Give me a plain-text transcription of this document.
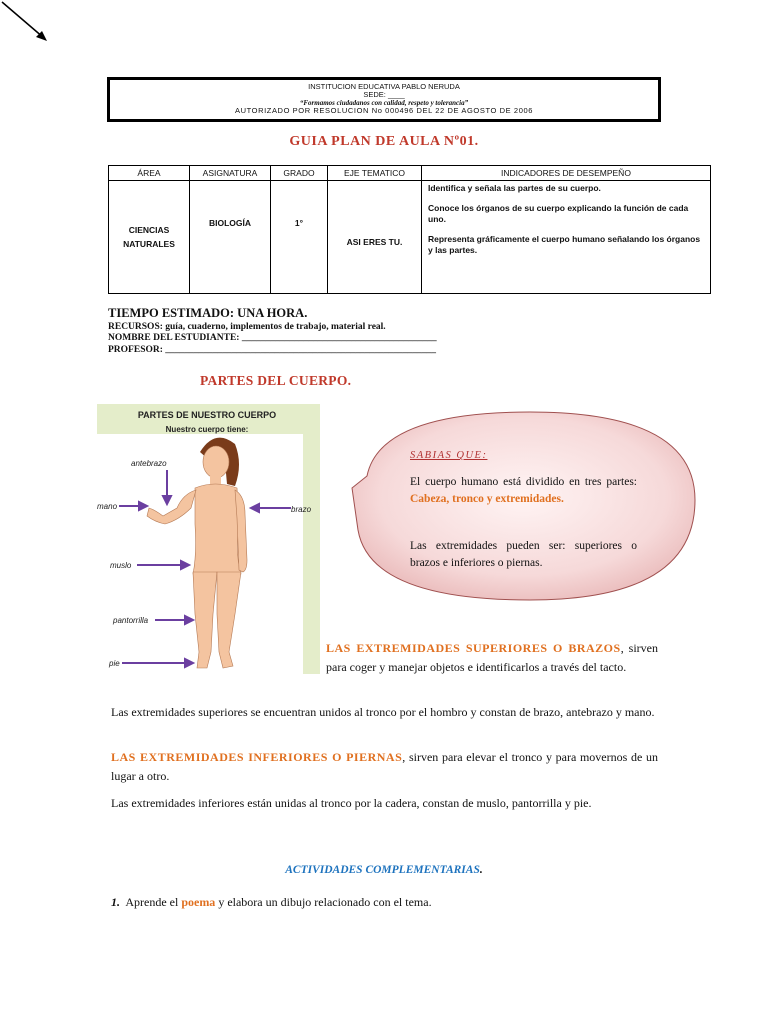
INSTITUCION EDUCATIVA PABLO NERUDA
SEDE: ____
“Formamos ciudadanos con calidad, respeto y tolerancia”
AUTORIZADO POR RESOLUCION No 000496 DEL 22 DE AGOSTO DE 2006
GUIA PLAN DE AULA Nº01.
ÁREA	ASIGNATURA	GRADO	EJE TEMATICO	INDICADORES DE DESEMPEÑO
CIENCIAS NATURALES	BIOLOGÍA	1°	ASI ERES TU.	Identifica y señala las partes de su cuerpo.

Conoce los órganos de su cuerpo explicando la función de cada uno.

Representa gráficamente el cuerpo humano señalando los órganos y las partes.

TIEMPO ESTIMADO: UNA HORA.
RECURSOS: guía, cuaderno, implementos de trabajo, material real.
NOMBRE DEL ESTUDIANTE: _________________________________________
PROFESOR: _________________________________________________________
PARTES DEL CUERPO.
PARTES DE NUESTRO CUERPO
Nuestro cuerpo tiene:
antebrazo
mano	brazo
muslo
pantorrilla
pie
SABIAS QUE:
El cuerpo humano está dividido en tres partes: Cabeza, tronco y extremidades.
Las extremidades pueden ser: superiores o brazos e inferiores o piernas.
LAS EXTREMIDADES SUPERIORES O BRAZOS, sirven para coger y manejar objetos e identificarlos a través del tacto.
Las extremidades superiores se encuentran unidos al tronco por el hombro y constan de brazo, antebrazo y mano.
LAS EXTREMIDADES INFERIORES O PIERNAS, sirven para elevar el tronco y para movernos de un lugar a otro.
Las extremidades inferiores están unidas al tronco por la cadera, constan de muslo, pantorrilla y pie.
ACTIVIDADES COMPLEMENTARIAS.
1.  Aprende el poema y elabora un dibujo relacionado con el tema.
